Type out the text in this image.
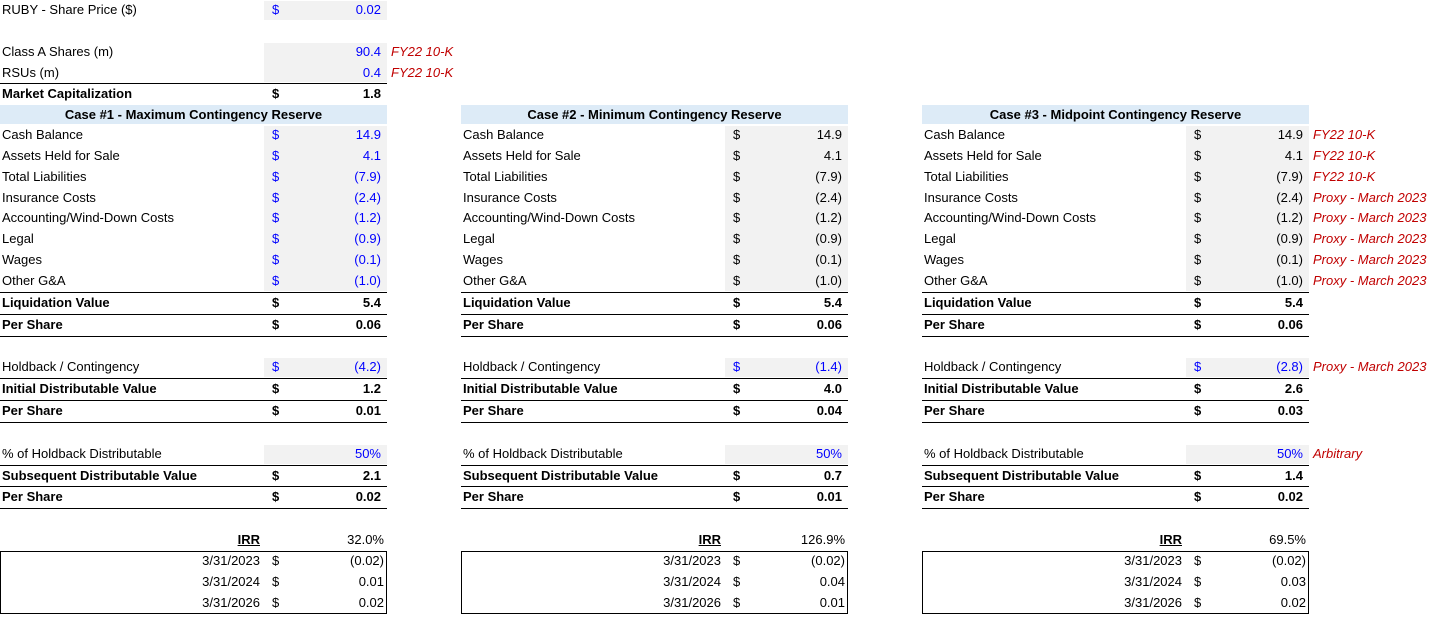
RUBY - Share Price ($)	$	0.02
Class A Shares (m)	90.4 FY22 10-K
RSUs (m)	0.4 FY22 10-K
Market Capitalization	$	1.8
Case #1 - Maximum Contingency Reserve
Cash Balance	$	14.9
Assets Held for Sale	$	4.1
Total Liabilities	$	(7.9)
Insurance Costs	$	(2.4)
Accounting/Wind-Down Costs	$	(1.2)
Legal	$	(0.9)
Wages	$	(0.1)
Other G&A	$	(1.0)
Liquidation Value	$	5.4
Per Share	$	0.06
Holdback / Contingency	$	(4.2)
Initial Distributable Value	$	1.2
Per Share	$	0.01
% of Holdback Distributable	50%
Subsequent Distributable Value	$	2.1
Per Share	$	0.02
IRR	32.0%
3/31/2023 $	(0.02)
3/31/2024 $	0.01
3/31/2026 $	0.02
Case #2 - Minimum Contingency Reserve
Cash Balance	$	14.9
Assets Held for Sale	$	4.1
Total Liabilities	$	(7.9)
Insurance Costs	$	(2.4)
Accounting/Wind-Down Costs	$	(1.2)
Legal	$	(0.9)
Wages	$	(0.1)
Other G&A	$	(1.0)
Liquidation Value	$	5.4
Per Share	$	0.06
Holdback / Contingency	$	(1.4)
Initial Distributable Value	$	4.0
Per Share	$	0.04
% of Holdback Distributable	50%
Subsequent Distributable Value	$	0.7
Per Share	$	0.01
IRR	126.9%
3/31/2023 $	(0.02)
3/31/2024 $	0.04
3/31/2026 $	0.01
Case #3 - Midpoint Contingency Reserve
Cash Balance	$	14.9 FY22 10-K
Assets Held for Sale	$	4.1 FY22 10-K
Total Liabilities	$	(7.9) FY22 10-K
Insurance Costs	$	(2.4) Proxy - March 2023
Accounting/Wind-Down Costs	$	(1.2) Proxy - March 2023
Legal	$	(0.9) Proxy - March 2023
Wages	$	(0.1) Proxy - March 2023
Other G&A	$	(1.0) Proxy - March 2023
Liquidation Value	$	5.4
Per Share	$	0.06
Holdback / Contingency	$	(2.8) Proxy - March 2023
Initial Distributable Value	$	2.6
Per Share	$	0.03
% of Holdback Distributable	50% Arbitrary
Subsequent Distributable Value	$	1.4
Per Share	$	0.02
IRR	69.5%
3/31/2023 $	(0.02)
3/31/2024 $	0.03
3/31/2026 $	0.02
